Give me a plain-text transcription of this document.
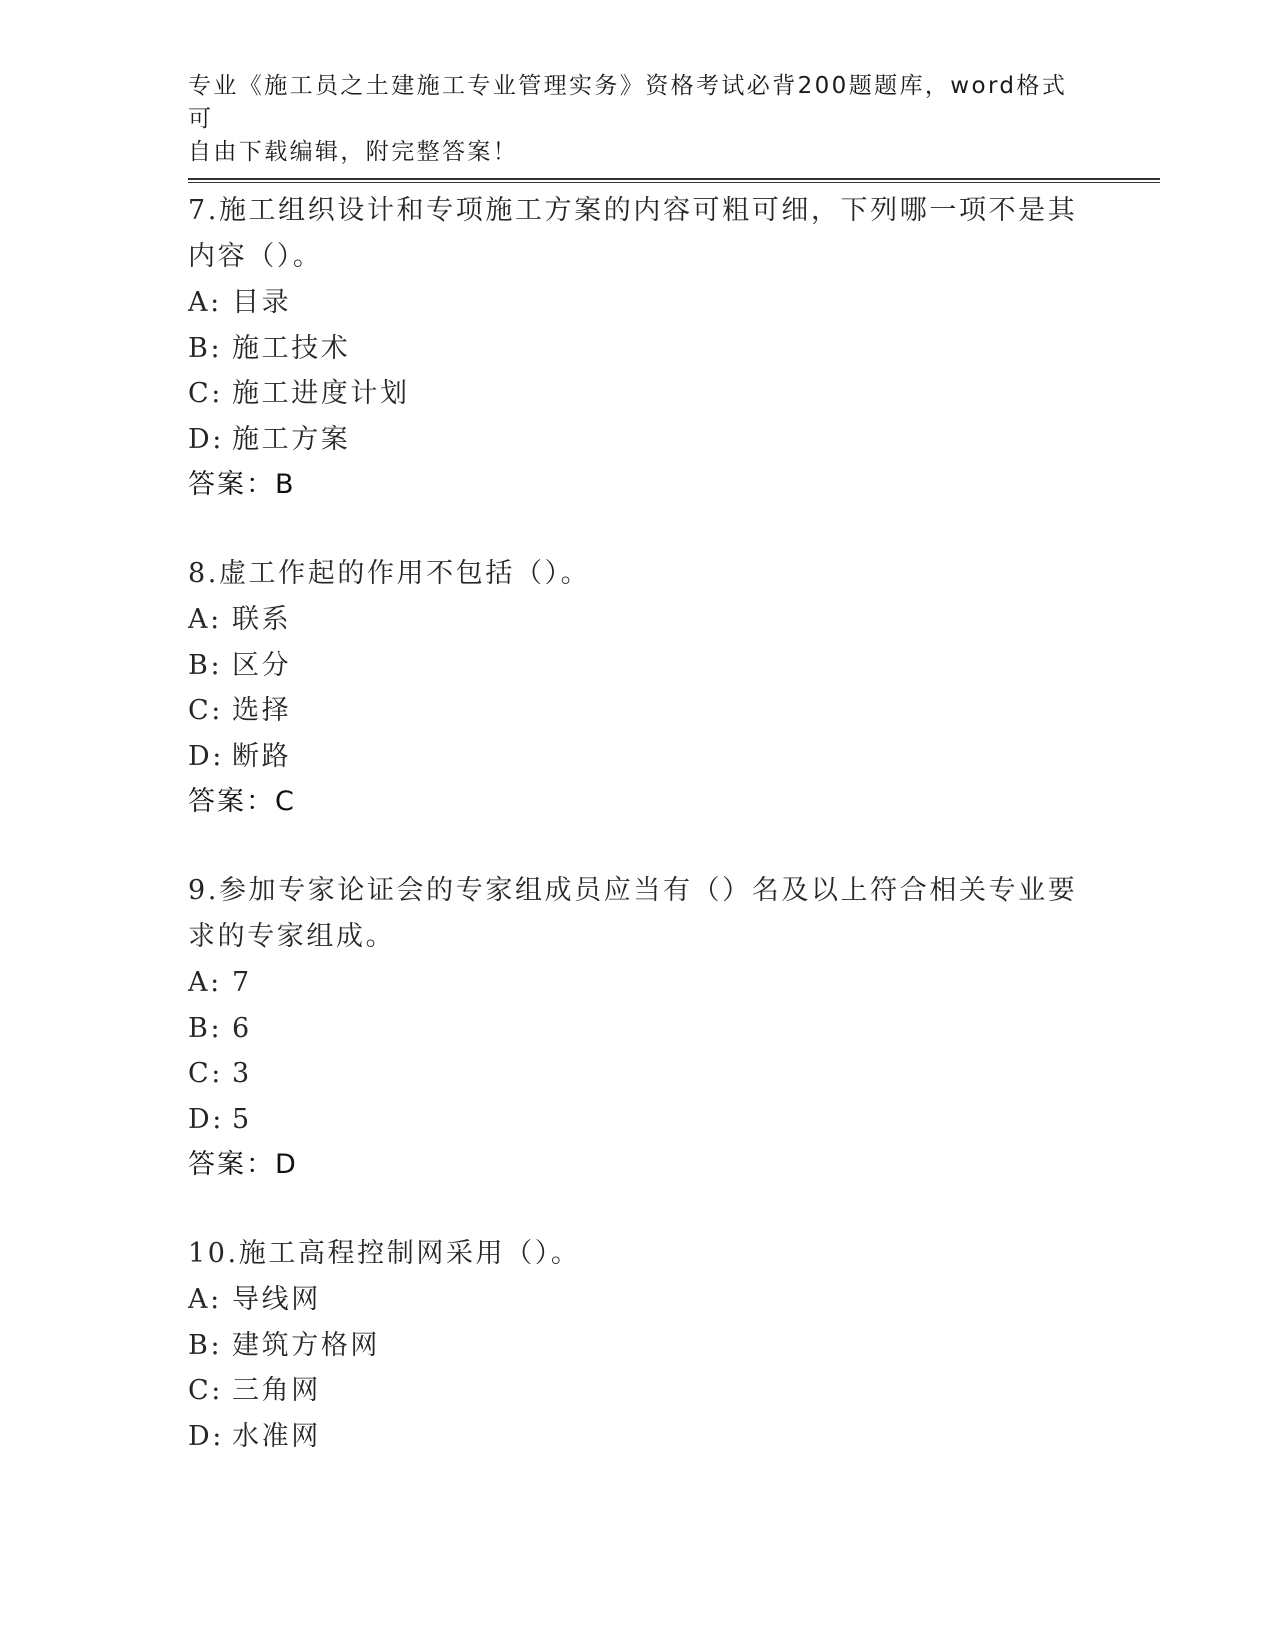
专业《施工员之土建施工专业管理实务》资格考试必背200题题库，word格式可
自由下载编辑，附完整答案！

7.施工组织设计和专项施工方案的内容可粗可细，下列哪一项不是其内容（）。

A: 目录
B: 施工技术
C: 施工进度计划
D: 施工方案
答案：B

8.虚工作起的作用不包括（）。

A: 联系
B: 区分
C: 选择
D: 断路
答案：C

9.参加专家论证会的专家组成员应当有（）名及以上符合相关专业要求的专家组成。

A: 7
B: 6
C: 3
D: 5
答案：D

10.施工高程控制网采用（）。

A: 导线网
B: 建筑方格网
C: 三角网
D: 水准网
